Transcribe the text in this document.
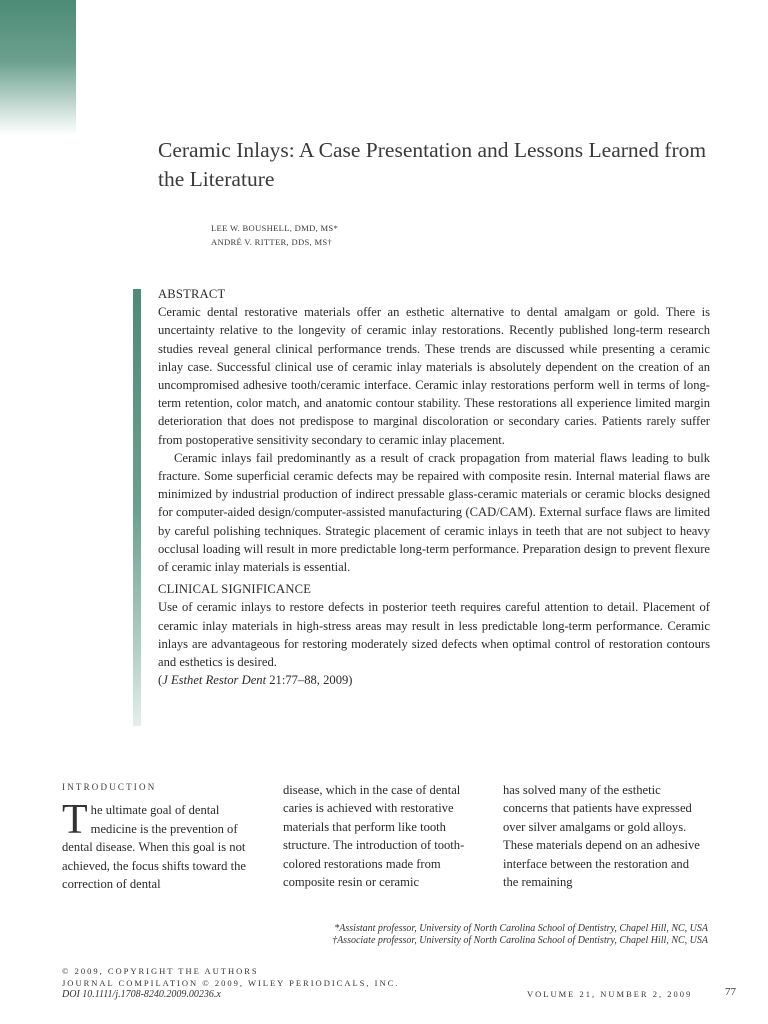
Ceramic Inlays: A Case Presentation and Lessons Learned from the Literature
LEE W. BOUSHELL, DMD, MS*
ANDRÉ V. RITTER, DDS, MS†
ABSTRACT

Ceramic dental restorative materials offer an esthetic alternative to dental amalgam or gold. There is uncertainty relative to the longevity of ceramic inlay restorations. Recently published long-term research studies reveal general clinical performance trends. These trends are discussed while presenting a ceramic inlay case. Successful clinical use of ceramic inlay materials is absolutely dependent on the creation of an uncompromised adhesive tooth/ceramic interface. Ceramic inlay restorations perform well in terms of long-term retention, color match, and anatomic contour stability. These restorations all experience limited margin deterioration that does not predispose to marginal discoloration or secondary caries. Patients rarely suffer from postoperative sensitivity secondary to ceramic inlay placement.

Ceramic inlays fail predominantly as a result of crack propagation from material flaws leading to bulk fracture. Some superficial ceramic defects may be repaired with composite resin. Internal material flaws are minimized by industrial production of indirect pressable glass-ceramic materials or ceramic blocks designed for computer-aided design/computer-assisted manufacturing (CAD/CAM). External surface flaws are limited by careful polishing techniques. Strategic placement of ceramic inlays in teeth that are not subject to heavy occlusal loading will result in more predictable long-term performance. Preparation design to prevent flexure of ceramic inlay materials is essential.

CLINICAL SIGNIFICANCE

Use of ceramic inlays to restore defects in posterior teeth requires careful attention to detail. Placement of ceramic inlay materials in high-stress areas may result in less predictable long-term performance. Ceramic inlays are advantageous for restoring moderately sized defects when optimal control of restoration contours and esthetics is desired.

(J Esthet Restor Dent 21:77–88, 2009)

INTRODUCTION

The ultimate goal of dental medicine is the prevention of dental disease. When this goal is not achieved, the focus shifts toward the correction of dental

disease, which in the case of dental caries is achieved with restorative materials that perform like tooth structure. The introduction of tooth-colored restorations made from composite resin or ceramic

has solved many of the esthetic concerns that patients have expressed over silver amalgams or gold alloys. These materials depend on an adhesive interface between the restoration and the remaining

*Assistant professor, University of North Carolina School of Dentistry, Chapel Hill, NC, USA
†Associate professor, University of North Carolina School of Dentistry, Chapel Hill, NC, USA
© 2009, COPYRIGHT THE AUTHORS
JOURNAL COMPILATION © 2009, WILEY PERIODICALS, INC.
DOI 10.1111/j.1708-8240.2009.00236.x	VOLUME 21, NUMBER 2, 2009	77
